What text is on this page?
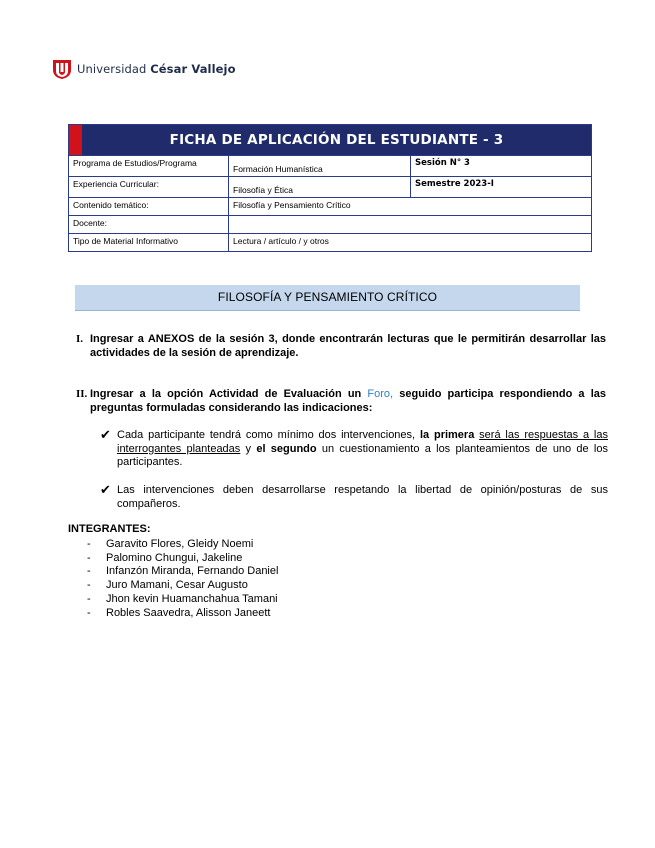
Universidad César Vallejo
FICHA DE APLICACIÓN DEL ESTUDIANTE - 3		

Programa de Estudios/Programa	Formación Humanística	Sesión N° 3
Experiencia Curricular:	Filosofía y Ética	Semestre 2023-I
Contenido temático:	Filosofía y Pensamiento Crítico	
Docente:		
Tipo de Material Informativo	Lectura / artículo / y otros	
FILOSOFÍA Y PENSAMIENTO CRÍTICO
I. Ingresar a ANEXOS de la sesión 3, donde encontrarán lecturas que le permitirán desarrollar las actividades de la sesión de aprendizaje.
II. Ingresar a la opción Actividad de Evaluación un Foro, seguido participa respondiendo a las preguntas formuladas considerando las indicaciones:
✔ Cada participante tendrá como mínimo dos intervenciones, la primera será las respuestas a las interrogantes planteadas y el segundo un cuestionamiento a los planteamientos de uno de los participantes.
✔ Las intervenciones deben desarrollarse respetando la libertad de opinión/posturas de sus compañeros.
INTEGRANTES:
- Garavito Flores, Gleidy Noemi
- Palomino Chungui, Jakeline
- Infanzón Miranda, Fernando Daniel
- Juro Mamani, Cesar Augusto
- Jhon kevin Huamanchahua Tamani
- Robles Saavedra, Alisson Janeett
